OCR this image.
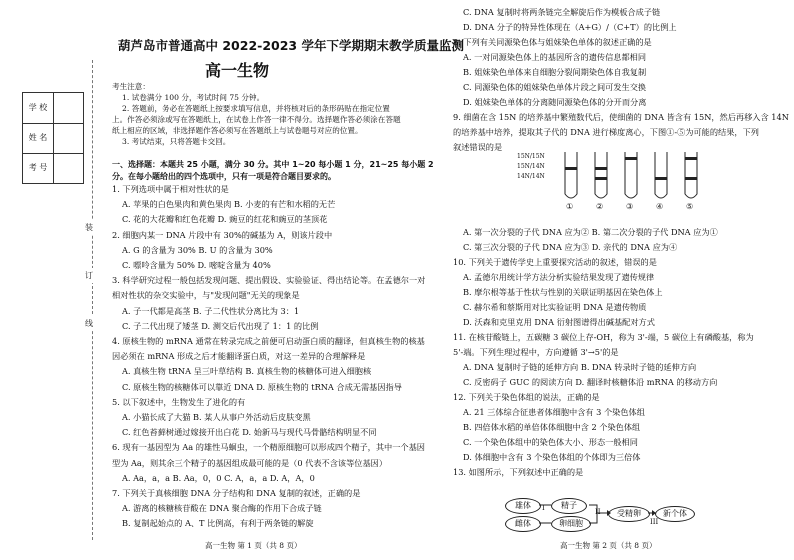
葫芦岛市普通高中 2022-2023 学年下学期期末教学质量监测
高一生物
学 校
姓 名
考 号
装
订
线
考生注意：
1. 试卷满分 100 分，考试时间 75 分钟。
2. 答题前，务必在答题纸上按要求填写信息，并将核对后的条形码贴在指定位置
上。作答必须涂或写在答题纸上，在试卷上作答一律不得分。选择题作答必须涂在答题
纸上相应的区域，非选择题作答必须写在答题纸上与试卷题号对应的位置。
3. 考试结束，只将答题卡交回。
一、选择题：本题共 25 小题，满分 30 分。其中 1~20 每小题 1 分，21~25 每小题 2
分。在每小题给出的四个选项中，只有一项是符合题目要求的。
1. 下列选项中属于相对性状的是
A. 苹果的白色果肉和黄色果肉 B. 小麦的有芒和水稻的无芒
C. 花的大花瓣和红色花瓣 D. 豌豆的红花和豌豆的茎顶花
2. 细胞内某一 DNA 片段中有 30%的碱基为 A，则该片段中
A. G 的含量为 30% B. U 的含量为 30%
C. 嘌呤含量为 50% D. 嘧啶含量为 40%
3. 科学研究过程一般包括发现问题、提出假设、实验验证、得出结论等。在孟德尔一对
相对性状的杂交实验中，与"发现问题"无关的现象是
A. 子一代都是高茎 B. 子二代性状分离比为 3：1
C. 子二代出现了矮茎 D. 测交后代出现了 1：1 的比例
4. 原核生物的 mRNA 通常在转录完成之前便可启动蛋白质的翻译，但真核生物的核基
因必须在 mRNA 形成之后才能翻译蛋白质，对这一差异的合理解释是
A. 真核生物 tRNA 呈三叶草结构 B. 真核生物的核糖体可进入细胞核
C. 原核生物的核糖体可以靠近 DNA D. 原核生物的 tRNA 合成无需基因指导
5. 以下叙述中，生物发生了进化的有
A. 小猫长成了大猫 B. 某人从事户外活动后皮肤变黑
C. 红色苔藓树通过嫁接开出白花 D. 始新马与现代马骨骼结构明显不同
6. 现有一基因型为 Aa 的雄性马蛔虫，一个精原细胞可以形成四个精子，其中一个基因
型为 Aa，则其余三个精子的基因组成最可能的是（0 代表不含该等位基因）
A. Aa，a，a B. Aa，0，0 C. A，a，a D. A，A，0
7. 下列关于真核细胞 DNA 分子结构和 DNA 复制的叙述，正确的是
A. 游离的核糖核苷酸在 DNA 聚合酶的作用下合成子链
B. 复制起始点的 A、T 比例高，有利于两条链的解旋
C. DNA 复制时将两条链完全解旋后作为模板合成子链
D. DNA 分子的特异性体现在（A+G）/（C+T）的比例上
8. 下列有关同源染色体与姐妹染色单体的叙述正确的是
A. 一对同源染色体上的基因所含的遗传信息都相同
B. 姐妹染色单体来自细胞分裂间期染色体自我复制
C. 同源染色体的姐妹染色单体片段之间可发生交换
D. 姐妹染色单体的分离随同源染色体的分开而分离
9. 细菌在含 15N 的培养基中繁殖数代后，使细菌的 DNA 皆含有 15N，然后再移入含 14N
的培养基中培养，提取其子代的 DNA 进行梯度离心，下图①-⑤为可能的结果，下列
叙述错误的是
A. 第一次分裂的子代 DNA 应为② B. 第二次分裂的子代 DNA 应为①
C. 第三次分裂的子代 DNA 应为③ D. 亲代的 DNA 应为④
10. 下列关于遗传学史上重要探究活动的叙述，错误的是
A. 孟德尔用统计学方法分析实验结果发现了遗传规律
B. 摩尔根等基于性状与性别的关联证明基因在染色体上
C. 赫尔希和蔡斯用对比实验证明 DNA 是遗传物质
D. 沃森和克里克用 DNA 衍射图谱得出碱基配对方式
11. 在核苷酸链上，五碳糖 3 碳位上存-OH，称为 3'-端，5 碳位上有磷酸基，称为
5'-端。下列生理过程中，方向遵循 3'→5'的是
A. DNA 复制时子链的延伸方向 B. DNA 转录时子链的延伸方向
C. 反密码子 GUC 的阅读方向 D. 翻译时核糖体沿 mRNA 的移动方向
12. 下列关于染色体组的说法，正确的是
A. 21 三体综合征患者体细胞中含有 3 个染色体组
B. 四倍体水稻的单倍体体细胞中含 2 个染色体组
C. 一个染色体组中的染色体大小、形态一般相同
D. 体细胞中含有 3 个染色体组的个体即为三倍体
13. 如图所示，下列叙述中正确的是
15N/15N
15N/14N
14N/14N
①	②	③	④	⑤
雄体
雌体
I	精子
卵细胞
II	受精卵
III
新个体
高一生物 第 1 页（共 8 页）	高一生物 第 2 页（共 8 页）
